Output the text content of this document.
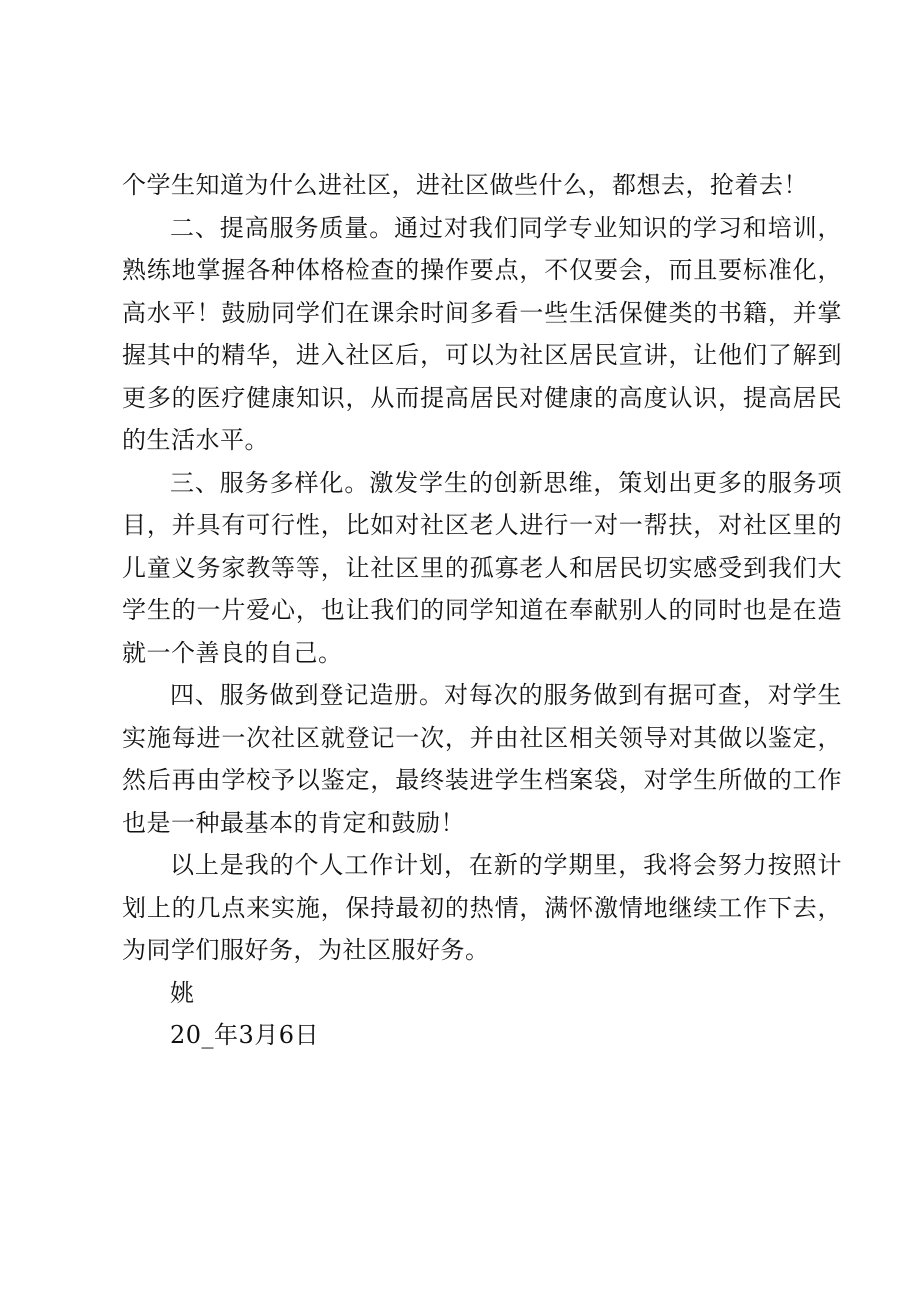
个学生知道为什么进社区，进社区做些什么，都想去，抢着去！

二、提高服务质量。通过对我们同学专业知识的学习和培训，熟练地掌握各种体格检查的操作要点，不仅要会，而且要标准化，高水平！鼓励同学们在课余时间多看一些生活保健类的书籍，并掌握其中的精华，进入社区后，可以为社区居民宣讲，让他们了解到更多的医疗健康知识，从而提高居民对健康的高度认识，提高居民的生活水平。

三、服务多样化。激发学生的创新思维，策划出更多的服务项目，并具有可行性，比如对社区老人进行一对一帮扶，对社区里的儿童义务家教等等，让社区里的孤寡老人和居民切实感受到我们大学生的一片爱心，也让我们的同学知道在奉献别人的同时也是在造就一个善良的自己。

四、服务做到登记造册。对每次的服务做到有据可查，对学生实施每进一次社区就登记一次，并由社区相关领导对其做以鉴定，然后再由学校予以鉴定，最终装进学生档案袋，对学生所做的工作也是一种最基本的肯定和鼓励！

以上是我的个人工作计划，在新的学期里，我将会努力按照计划上的几点来实施，保持最初的热情，满怀激情地继续工作下去，为同学们服好务，为社区服好务。

姚

20_年3月6日
